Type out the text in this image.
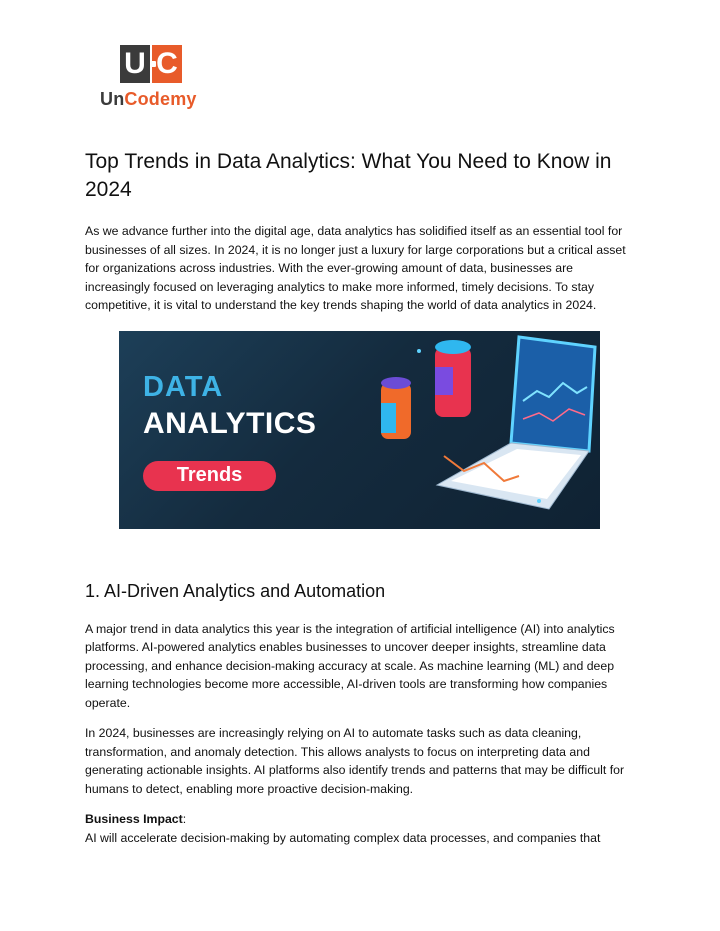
U C
UnCodemy
Top Trends in Data Analytics: What You Need to Know in 2024

As we advance further into the digital age, data analytics has solidified itself as an essential tool for businesses of all sizes. In 2024, it is no longer just a luxury for large corporations but a critical asset for organizations across industries. With the ever-growing amount of data, businesses are increasingly focused on leveraging analytics to make more informed, timely decisions. To stay competitive, it is vital to understand the key trends shaping the world of data analytics in 2024.

DATA
ANALYTICS
Trends
1. AI-Driven Analytics and Automation

A major trend in data analytics this year is the integration of artificial intelligence (AI) into analytics platforms. AI-powered analytics enables businesses to uncover deeper insights, streamline data processing, and enhance decision-making accuracy at scale. As machine learning (ML) and deep learning technologies become more accessible, AI-driven tools are transforming how companies operate.

In 2024, businesses are increasingly relying on AI to automate tasks such as data cleaning, transformation, and anomaly detection. This allows analysts to focus on interpreting data and generating actionable insights. AI platforms also identify trends and patterns that may be difficult for humans to detect, enabling more proactive decision-making.

Business Impact:
AI will accelerate decision-making by automating complex data processes, and companies that
